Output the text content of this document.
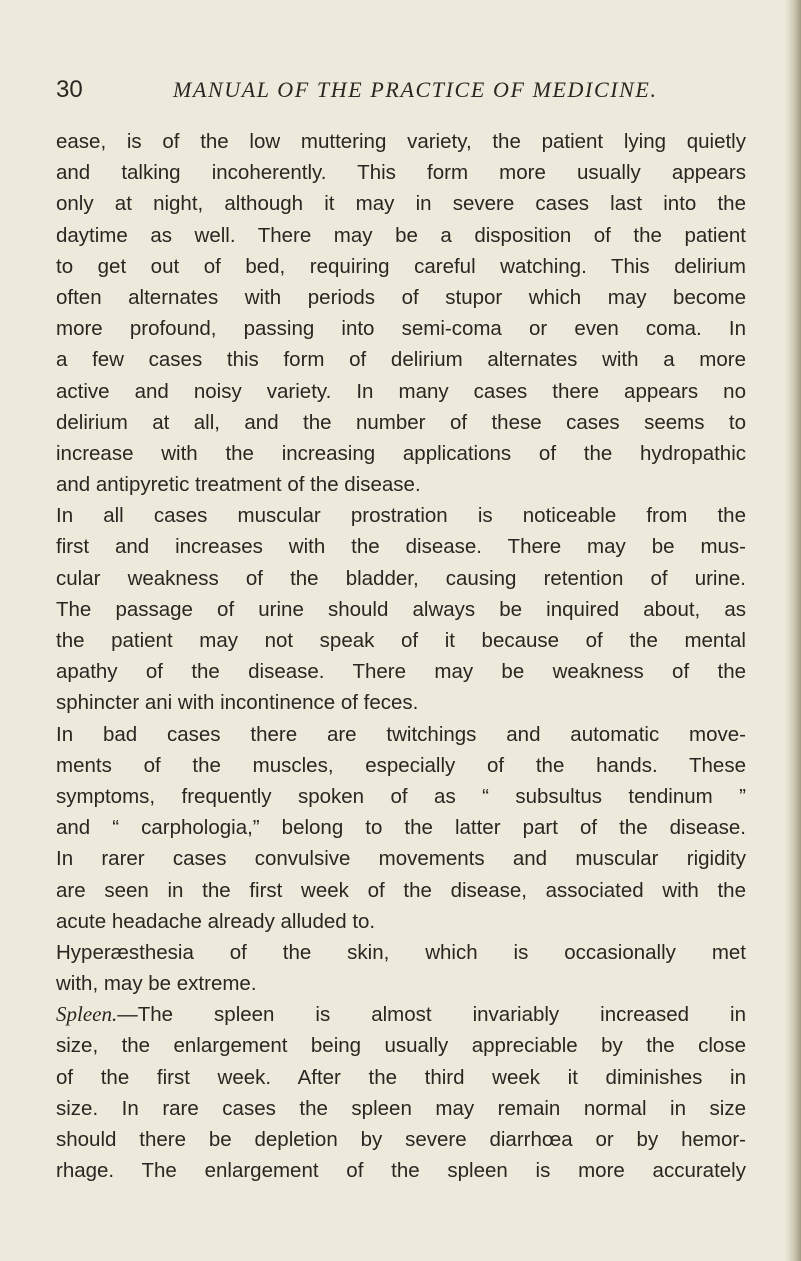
30	MANUAL OF THE PRACTICE OF MEDICINE.
ease, is of the low muttering variety, the patient lying quietly
and talking incoherently. This form more usually appears
only at night, although it may in severe cases last into the
daytime as well. There may be a disposition of the patient
to get out of bed, requiring careful watching. This delirium
often alternates with periods of stupor which may become
more profound, passing into semi-coma or even coma. In
a few cases this form of delirium alternates with a more
active and noisy variety. In many cases there appears no
delirium at all, and the number of these cases seems to
increase with the increasing applications of the hydropathic
and antipyretic treatment of the disease.
In all cases muscular prostration is noticeable from the
first and increases with the disease. There may be mus-
cular weakness of the bladder, causing retention of urine.
The passage of urine should always be inquired about, as
the patient may not speak of it because of the mental
apathy of the disease. There may be weakness of the
sphincter ani with incontinence of feces.
In bad cases there are twitchings and automatic move-
ments of the muscles, especially of the hands. These
symptoms, frequently spoken of as “ subsultus tendinum ”
and “ carphologia,” belong to the latter part of the disease.
In rarer cases convulsive movements and muscular rigidity
are seen in the first week of the disease, associated with the
acute headache already alluded to.
Hyperæsthesia of the skin, which is occasionally met
with, may be extreme.
Spleen.—The spleen is almost invariably increased in
size, the enlargement being usually appreciable by the close
of the first week. After the third week it diminishes in
size. In rare cases the spleen may remain normal in size
should there be depletion by severe diarrhœa or by hemor-
rhage. The enlargement of the spleen is more accurately
